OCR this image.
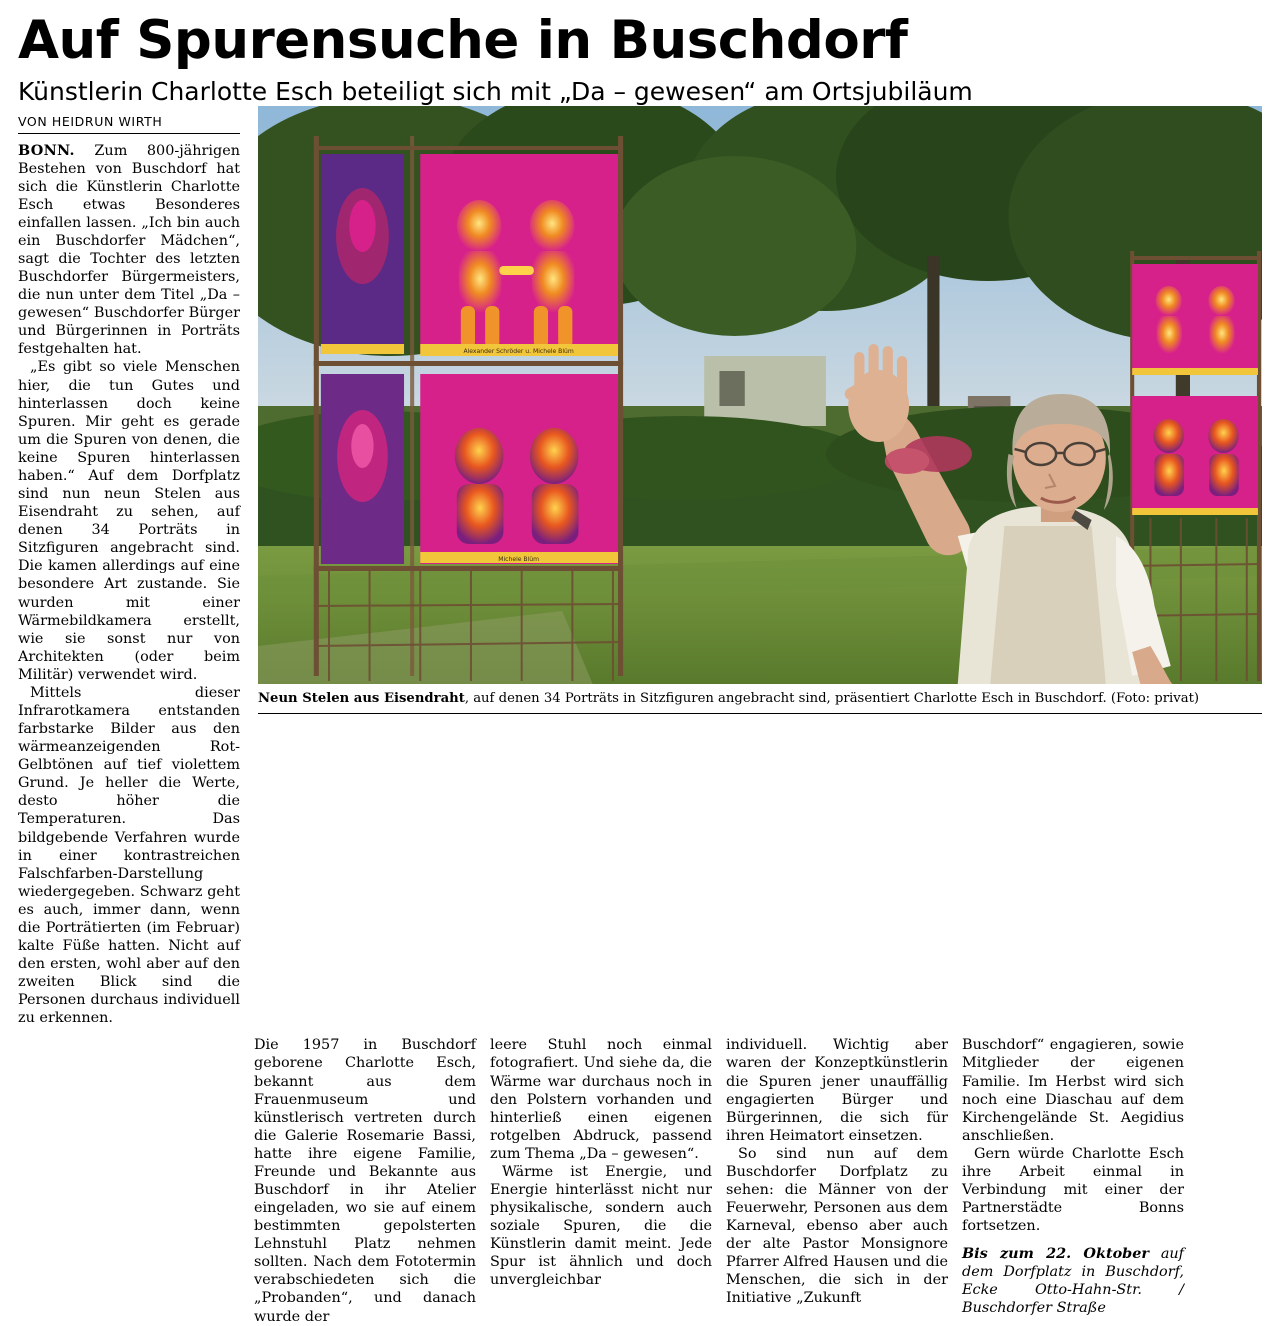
Auf Spurensuche in Buschdorf
Künstlerin Charlotte Esch beteiligt sich mit „Da – gewesen“ am Ortsjubiläum
VON HEIDRUN WIRTH

BONN. Zum 800-jährigen Bestehen von Buschdorf hat sich die Künstlerin Charlotte Esch etwas Besonderes einfallen lassen. „Ich bin auch ein Buschdorfer Mädchen“, sagt die Tochter des letzten Buschdorfer Bürgermeisters, die nun unter dem Titel „Da – gewesen“ Buschdorfer Bürger und Bürgerinnen in Porträts festgehalten hat.

„Es gibt so viele Menschen hier, die tun Gutes und hinterlassen doch keine Spuren. Mir geht es gerade um die Spuren von denen, die keine Spuren hinterlassen haben.“ Auf dem Dorfplatz sind nun neun Stelen aus Eisendraht zu sehen, auf denen 34 Porträts in Sitzfiguren angebracht sind. Die kamen allerdings auf eine besondere Art zustande. Sie wurden mit einer Wärmebildkamera erstellt, wie sie sonst nur von Architekten (oder beim Militär) verwendet wird.

Mittels dieser Infrarotkamera entstanden farbstarke Bilder aus den wärmeanzeigenden Rot- Gelbtönen auf tief violettem Grund. Je heller die Werte, desto höher die Temperaturen. Das bildgebende Verfahren wurde in einer kontrastreichen Falschfarben-Darstellung wiedergegeben. Schwarz geht es auch, immer dann, wenn die Porträtierten (im Februar) kalte Füße hatten. Nicht auf den ersten, wohl aber auf den zweiten Blick sind die Personen durchaus individuell zu erkennen.

Alexander Schröder u. Michele Blüm
Michele Blüm
Neun Stelen aus Eisendraht, auf denen 34 Porträts in Sitzfiguren angebracht sind, präsentiert Charlotte Esch in Buschdorf. (Foto: privat)

Die 1957 in Buschdorf geborene Charlotte Esch, bekannt aus dem Frauenmuseum und künstlerisch vertreten durch die Galerie Rosemarie Bassi, hatte ihre eigene Familie, Freunde und Bekannte aus Buschdorf in ihr Atelier eingeladen, wo sie auf einem bestimmten gepolsterten Lehnstuhl Platz nehmen sollten. Nach dem Fototermin verabschiedeten sich die „Probanden“, und danach wurde der

leere Stuhl noch einmal fotografiert. Und siehe da, die Wärme war durchaus noch in den Polstern vorhanden und hinterließ einen eigenen rotgelben Abdruck, passend zum Thema „Da – gewesen“.

Wärme ist Energie, und Energie hinterlässt nicht nur physikalische, sondern auch soziale Spuren, die die Künstlerin damit meint. Jede Spur ist ähnlich und doch unvergleichbar

individuell. Wichtig aber waren der Konzeptkünstlerin die Spuren jener unauffällig engagierten Bürger und Bürgerinnen, die sich für ihren Heimatort einsetzen.

So sind nun auf dem Buschdorfer Dorfplatz zu sehen: die Männer von der Feuerwehr, Personen aus dem Karneval, ebenso aber auch der alte Pastor Monsignore Pfarrer Alfred Hausen und die Menschen, die sich in der Initiative „Zukunft

Buschdorf“ engagieren, sowie Mitglieder der eigenen Familie. Im Herbst wird sich noch eine Diaschau auf dem Kirchengelände St. Aegidius anschließen.

Gern würde Charlotte Esch ihre Arbeit einmal in Verbindung mit einer der Partnerstädte Bonns fortsetzen.

Bis zum 22. Oktober auf dem Dorfplatz in Buschdorf, Ecke Otto-Hahn-Str. / Buschdorfer Straße
